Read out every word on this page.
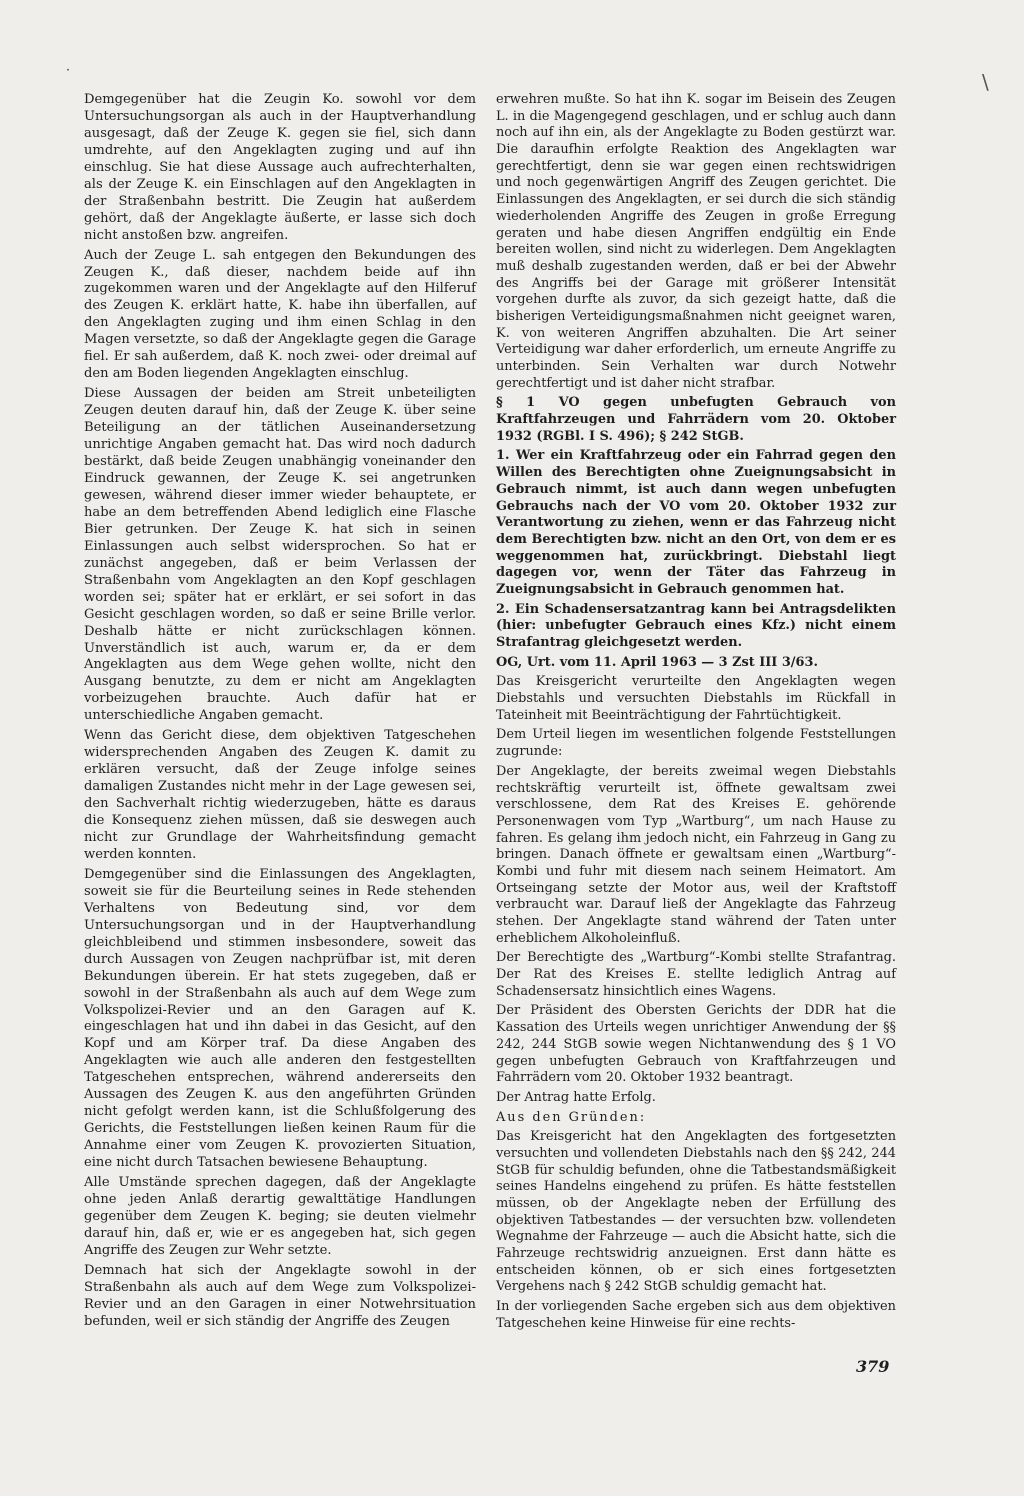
˙	\

Demgegenüber hat die Zeugin Ko. sowohl vor dem Untersuchungsorgan als auch in der Hauptverhandlung ausgesagt, daß der Zeuge K. gegen sie fiel, sich dann umdrehte, auf den Angeklagten zuging und auf ihn einschlug. Sie hat diese Aussage auch aufrechterhalten, als der Zeuge K. ein Einschlagen auf den Angeklagten in der Straßenbahn bestritt. Die Zeugin hat außerdem gehört, daß der Angeklagte äußerte, er lasse sich doch nicht anstoßen bzw. angreifen.

Auch der Zeuge L. sah entgegen den Bekundungen des Zeugen K., daß dieser, nachdem beide auf ihn zugekommen waren und der Angeklagte auf den Hilferuf des Zeugen K. erklärt hatte, K. habe ihn überfallen, auf den Angeklagten zuging und ihm einen Schlag in den Magen versetzte, so daß der Angeklagte gegen die Garage fiel. Er sah außerdem, daß K. noch zwei- oder dreimal auf den am Boden liegenden Angeklagten einschlug.

Diese Aussagen der beiden am Streit unbeteiligten Zeugen deuten darauf hin, daß der Zeuge K. über seine Beteiligung an der tätlichen Auseinandersetzung unrichtige Angaben gemacht hat. Das wird noch dadurch bestärkt, daß beide Zeugen unabhängig voneinander den Eindruck gewannen, der Zeuge K. sei angetrunken gewesen, während dieser immer wieder behauptete, er habe an dem betreffenden Abend lediglich eine Flasche Bier getrunken. Der Zeuge K. hat sich in seinen Einlassungen auch selbst widersprochen. So hat er zunächst angegeben, daß er beim Verlassen der Straßenbahn vom Angeklagten an den Kopf geschlagen worden sei; später hat er erklärt, er sei sofort in das Gesicht geschlagen worden, so daß er seine Brille verlor. Deshalb hätte er nicht zurückschlagen können. Unverständlich ist auch, warum er, da er dem Angeklagten aus dem Wege gehen wollte, nicht den Ausgang benutzte, zu dem er nicht am Angeklagten vorbeizugehen brauchte. Auch dafür hat er unterschiedliche Angaben gemacht.

Wenn das Gericht diese, dem objektiven Tatgeschehen widersprechenden Angaben des Zeugen K. damit zu erklären versucht, daß der Zeuge infolge seines damaligen Zustandes nicht mehr in der Lage gewesen sei, den Sachverhalt richtig wiederzugeben, hätte es daraus die Konsequenz ziehen müssen, daß sie deswegen auch nicht zur Grundlage der Wahrheitsfindung gemacht werden konnten.

Demgegenüber sind die Einlassungen des Angeklagten, soweit sie für die Beurteilung seines in Rede stehenden Verhaltens von Bedeutung sind, vor dem Untersuchungsorgan und in der Hauptverhandlung gleichbleibend und stimmen insbesondere, soweit das durch Aussagen von Zeugen nachprüfbar ist, mit deren Bekundungen überein. Er hat stets zugegeben, daß er sowohl in der Straßenbahn als auch auf dem Wege zum Volkspolizei-Revier und an den Garagen auf K. eingeschlagen hat und ihn dabei in das Gesicht, auf den Kopf und am Körper traf. Da diese Angaben des Angeklagten wie auch alle anderen den festgestellten Tatgeschehen entsprechen, während andererseits den Aussagen des Zeugen K. aus den angeführten Gründen nicht gefolgt werden kann, ist die Schlußfolgerung des Gerichts, die Feststellungen ließen keinen Raum für die Annahme einer vom Zeugen K. provozierten Situation, eine nicht durch Tatsachen bewiesene Behauptung.

Alle Umstände sprechen dagegen, daß der Angeklagte ohne jeden Anlaß derartig gewalttätige Handlungen gegenüber dem Zeugen K. beging; sie deuten vielmehr darauf hin, daß er, wie er es angegeben hat, sich gegen Angriffe des Zeugen zur Wehr setzte.

Demnach hat sich der Angeklagte sowohl in der Straßenbahn als auch auf dem Wege zum Volkspolizei-Revier und an den Garagen in einer Notwehrsituation befunden, weil er sich ständig der Angriffe des Zeugen

erwehren mußte. So hat ihn K. sogar im Beisein des Zeugen L. in die Magengegend geschlagen, und er schlug auch dann noch auf ihn ein, als der Angeklagte zu Boden gestürzt war. Die daraufhin erfolgte Reaktion des Angeklagten war gerechtfertigt, denn sie war gegen einen rechtswidrigen und noch gegenwärtigen Angriff des Zeugen gerichtet. Die Einlassungen des Angeklagten, er sei durch die sich ständig wiederholenden Angriffe des Zeugen in große Erregung geraten und habe diesen Angriffen endgültig ein Ende bereiten wollen, sind nicht zu widerlegen. Dem Angeklagten muß deshalb zugestanden werden, daß er bei der Abwehr des Angriffs bei der Garage mit größerer Intensität vorgehen durfte als zuvor, da sich gezeigt hatte, daß die bisherigen Verteidigungsmaßnahmen nicht geeignet waren, K. von weiteren Angriffen abzuhalten. Die Art seiner Verteidigung war daher erforderlich, um erneute Angriffe zu unterbinden. Sein Verhalten war durch Notwehr gerechtfertigt und ist daher nicht strafbar.

§ 1 VO gegen unbefugten Gebrauch von Kraftfahrzeugen und Fahrrädern vom 20. Oktober 1932 (RGBl. I S. 496); § 242 StGB.

1. Wer ein Kraftfahrzeug oder ein Fahrrad gegen den Willen des Berechtigten ohne Zueignungsabsicht in Gebrauch nimmt, ist auch dann wegen unbefugten Gebrauchs nach der VO vom 20. Oktober 1932 zur Verantwortung zu ziehen, wenn er das Fahrzeug nicht dem Berechtigten bzw. nicht an den Ort, von dem er es weggenommen hat, zurückbringt. Diebstahl liegt dagegen vor, wenn der Täter das Fahrzeug in Zueignungsabsicht in Gebrauch genommen hat.

2. Ein Schadensersatzantrag kann bei Antragsdelikten (hier: unbefugter Gebrauch eines Kfz.) nicht einem Strafantrag gleichgesetzt werden.

OG, Urt. vom 11. April 1963 — 3 Zst III 3/63.

Das Kreisgericht verurteilte den Angeklagten wegen Diebstahls und versuchten Diebstahls im Rückfall in Tateinheit mit Beeinträchtigung der Fahrtüchtigkeit.

Dem Urteil liegen im wesentlichen folgende Feststellungen zugrunde:

Der Angeklagte, der bereits zweimal wegen Diebstahls rechtskräftig verurteilt ist, öffnete gewaltsam zwei verschlossene, dem Rat des Kreises E. gehörende Personenwagen vom Typ „Wartburg“, um nach Hause zu fahren. Es gelang ihm jedoch nicht, ein Fahrzeug in Gang zu bringen. Danach öffnete er gewaltsam einen „Wartburg“-Kombi und fuhr mit diesem nach seinem Heimatort. Am Ortseingang setzte der Motor aus, weil der Kraftstoff verbraucht war. Darauf ließ der Angeklagte das Fahrzeug stehen. Der Angeklagte stand während der Taten unter erheblichem Alkoholeinfluß.

Der Berechtigte des „Wartburg“-Kombi stellte Strafantrag. Der Rat des Kreises E. stellte lediglich Antrag auf Schadensersatz hinsichtlich eines Wagens.

Der Präsident des Obersten Gerichts der DDR hat die Kassation des Urteils wegen unrichtiger Anwendung der §§ 242, 244 StGB sowie wegen Nichtanwendung des § 1 VO gegen unbefugten Gebrauch von Kraftfahrzeugen und Fahrrädern vom 20. Oktober 1932 beantragt.

Der Antrag hatte Erfolg.

Aus den Gründen:

Das Kreisgericht hat den Angeklagten des fortgesetzten versuchten und vollendeten Diebstahls nach den §§ 242, 244 StGB für schuldig befunden, ohne die Tatbestandsmäßigkeit seines Handelns eingehend zu prüfen. Es hätte feststellen müssen, ob der Angeklagte neben der Erfüllung des objektiven Tatbestandes — der versuchten bzw. vollendeten Wegnahme der Fahrzeuge — auch die Absicht hatte, sich die Fahrzeuge rechtswidrig anzueignen. Erst dann hätte es entscheiden können, ob er sich eines fortgesetzten Vergehens nach § 242 StGB schuldig gemacht hat.

In der vorliegenden Sache ergeben sich aus dem objektiven Tatgeschehen keine Hinweise für eine rechts-

379
